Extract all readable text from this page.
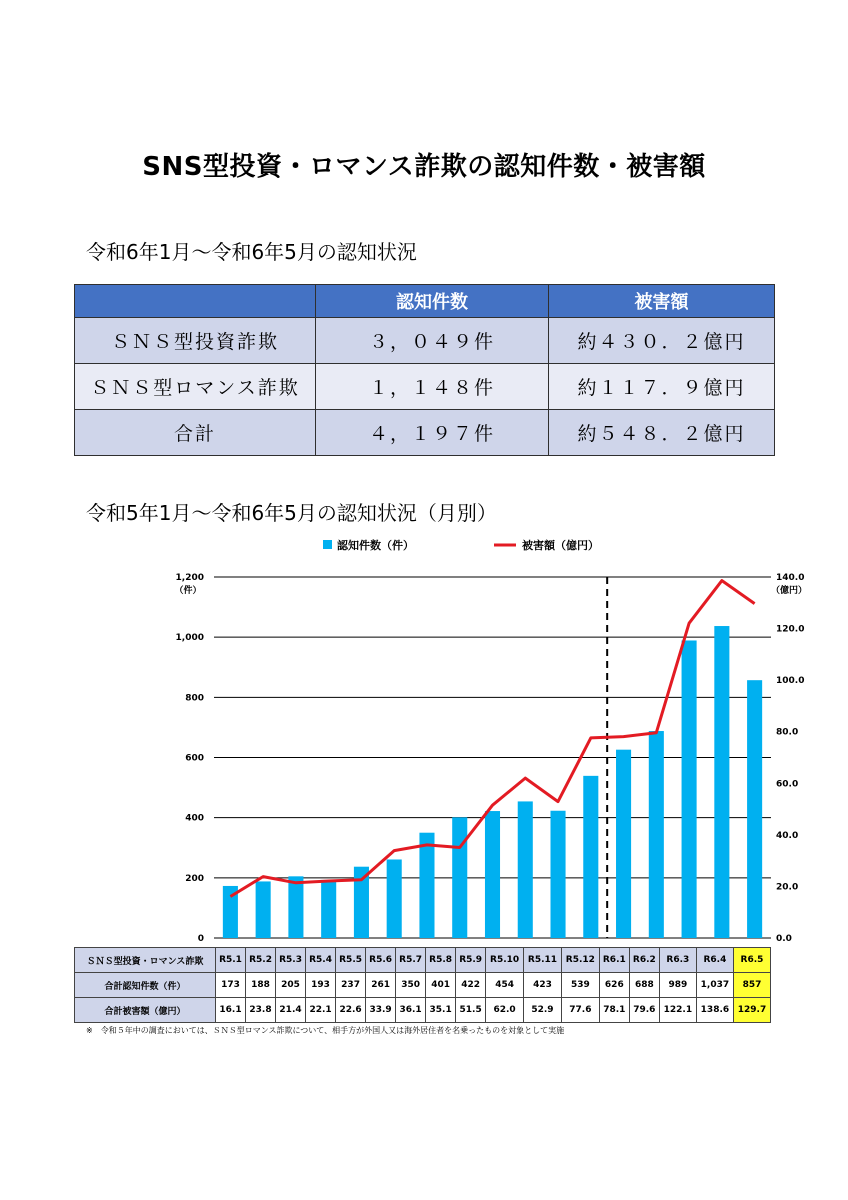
SNS型投資・ロマンス詐欺の認知件数・被害額
令和6年1月～令和6年5月の認知状況
	認知件数	被害額
ＳＮＳ型投資詐欺	３，０４９件	約４３０．２億円
ＳＮＳ型ロマンス詐欺	１，１４８件	約１１７．９億円
合計	４，１９７件	約５４８．２億円
令和5年1月～令和6年5月の認知状況（月別）
認知件数（件）	被害額（億円）
0
200
400
600
800
1,000
1,200
（件）
0.0
20.0
40.0
60.0
80.0
100.0
120.0
140.0
（億円）
ＳＮＳ型投資・ロマンス詐欺	R5.1	R5.2	R5.3	R5.4	R5.5	R5.6	R5.7	R5.8	R5.9	R5.10	R5.11	R5.12	R6.1	R6.2	R6.3	R6.4	R6.5
合計認知件数（件）	173	188	205	193	237	261	350	401	422	454	423	539	626	688	989	1,037	857
合計被害額（億円）	16.1	23.8	21.4	22.1	22.6	33.9	36.1	35.1	51.5	62.0	52.9	77.6	78.1	79.6	122.1	138.6	129.7
※　令和５年中の調査においては、ＳＮＳ型ロマンス詐欺について、相手方が外国人又は海外居住者を名乗ったものを対象として実施
